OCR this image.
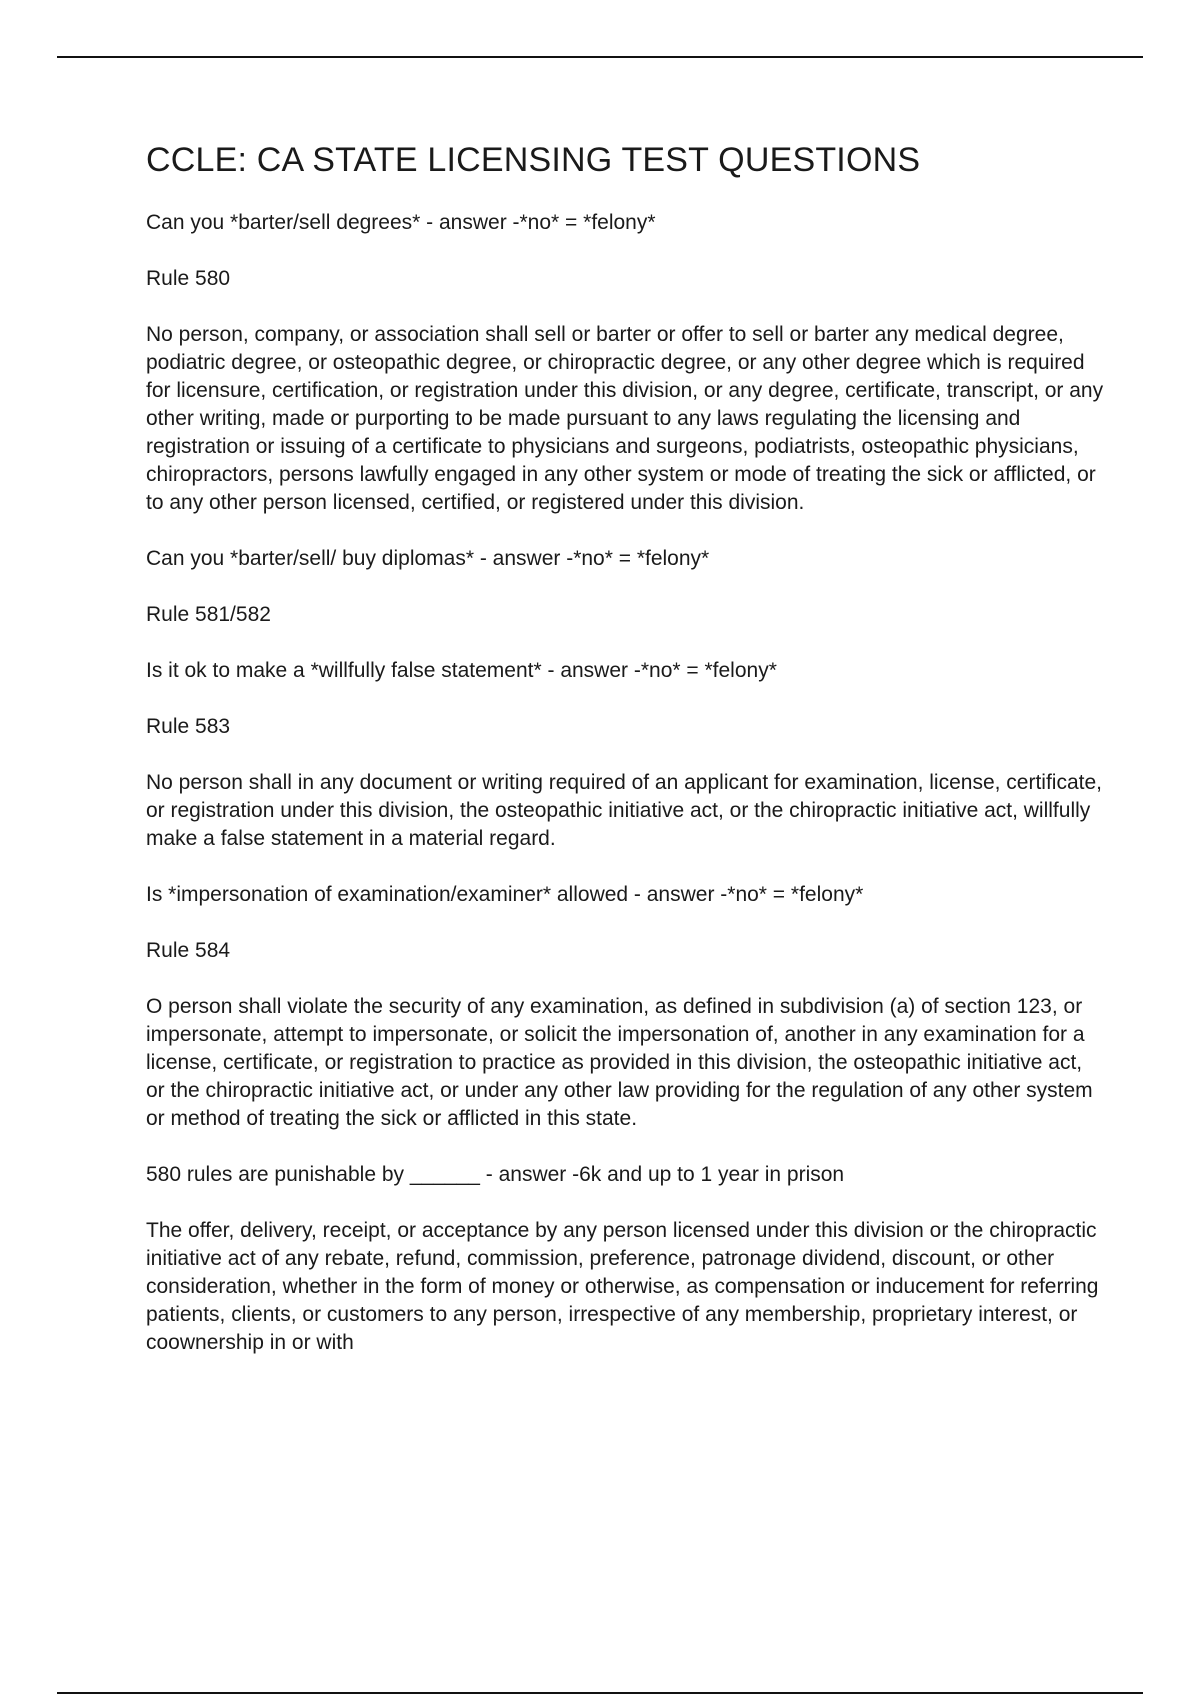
CCLE: CA STATE LICENSING TEST QUESTIONS

Can you *barter/sell degrees* - answer -*no* = *felony*

Rule 580

No person, company, or association shall sell or barter or offer to sell or barter any medical degree, podiatric degree, or osteopathic degree, or chiropractic degree, or any other degree which is required for licensure, certification, or registration under this division, or any degree, certificate, transcript, or any other writing, made or purporting to be made pursuant to any laws regulating the licensing and registration or issuing of a certificate to physicians and surgeons, podiatrists, osteopathic physicians, chiropractors, persons lawfully engaged in any other system or mode of treating the sick or afflicted, or to any other person licensed, certified, or registered under this division.

Can you *barter/sell/ buy diplomas* - answer -*no* = *felony*

Rule 581/582

Is it ok to make a *willfully false statement* - answer -*no* = *felony*

Rule 583

No person shall in any document or writing required of an applicant for examination, license, certificate, or registration under this division, the osteopathic initiative act, or the chiropractic initiative act, willfully make a false statement in a material regard.

Is *impersonation of examination/examiner* allowed - answer -*no* = *felony*

Rule 584

O person shall violate the security of any examination, as defined in subdivision (a) of section 123, or impersonate, attempt to impersonate, or solicit the impersonation of, another in any examination for a license, certificate, or registration to practice as provided in this division, the osteopathic initiative act, or the chiropractic initiative act, or under any other law providing for the regulation of any other system or method of treating the sick or afflicted in this state.

580 rules are punishable by ______ - answer -6k and up to 1 year in prison

The offer, delivery, receipt, or acceptance by any person licensed under this division or the chiropractic initiative act of any rebate, refund, commission, preference, patronage dividend, discount, or other consideration, whether in the form of money or otherwise, as compensation or inducement for referring patients, clients, or customers to any person, irrespective of any membership, proprietary interest, or coownership in or with
